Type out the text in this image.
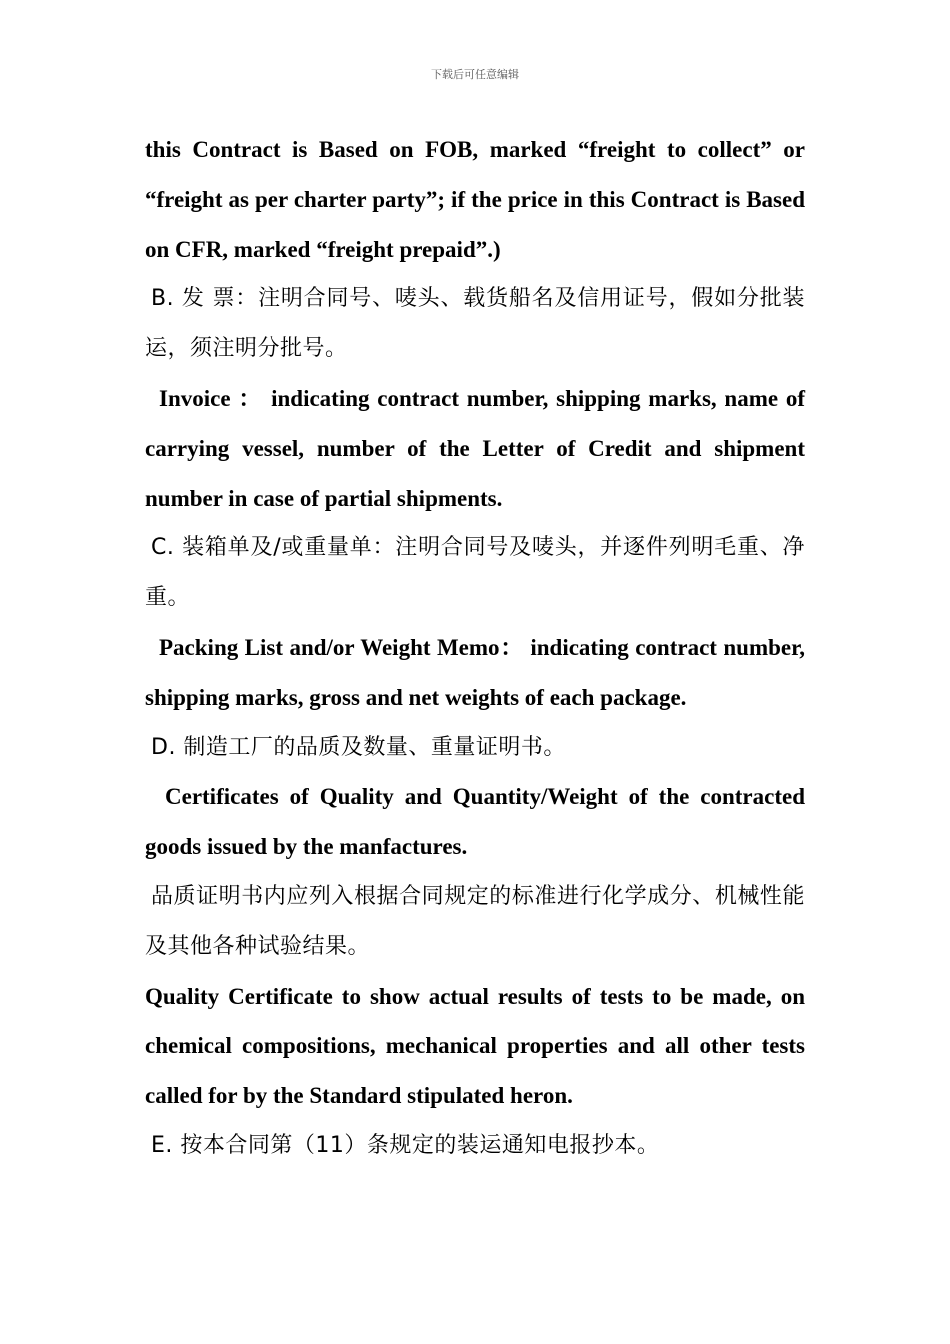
下载后可任意编辑

this Contract is Based on FOB, marked “freight to collect” or “freight as per charter party”; if the price in this Contract is Based on CFR, marked “freight prepaid”.)

B. 发 票：注明合同号、唛头、载货船名及信用证号，假如分批装运，须注明分批号。

Invoice ： indicating contract number, shipping marks, name of carrying vessel, number of the Letter of Credit and shipment number in case of partial shipments.

C. 装箱单及/或重量单：注明合同号及唛头，并逐件列明毛重、净重。

Packing List and/or Weight Memo： indicating contract number, shipping marks, gross and net weights of each package.

D. 制造工厂的品质及数量、重量证明书。

Certificates of Quality and Quantity/Weight of the contracted goods issued by the manfactures.

品质证明书内应列入根据合同规定的标准进行化学成分、机械性能及其他各种试验结果。

Quality Certificate to show actual results of tests to be made, on chemical compositions, mechanical properties and all other tests called for by the Standard stipulated heron.

E. 按本合同第（11）条规定的装运通知电报抄本。
